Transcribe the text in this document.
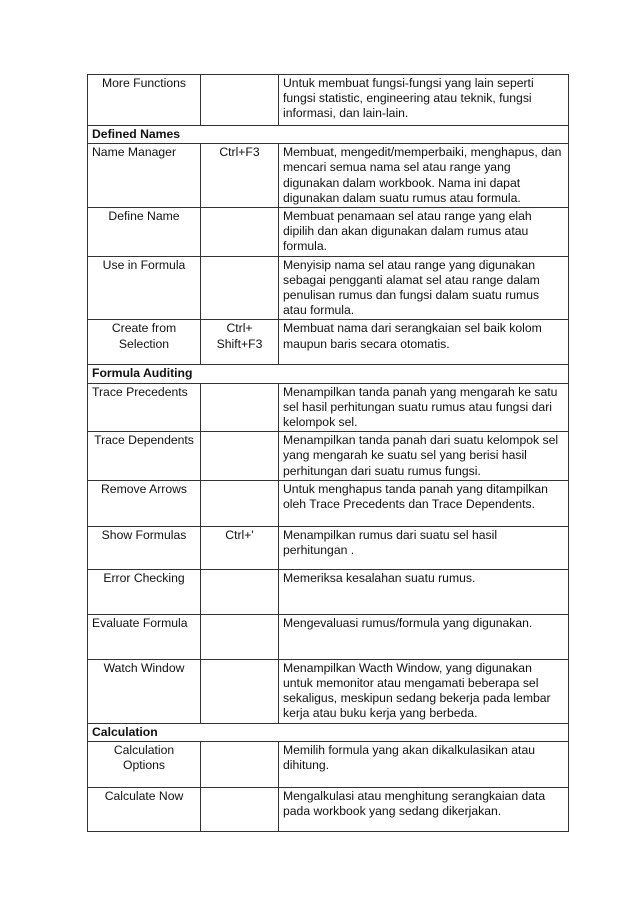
More Functions		Untuk membuat fungsi-fungsi yang lain seperti fungsi statistic, engineering atau teknik, fungsi informasi, dan lain-lain.
Defined Names		
Name Manager	Ctrl+F3	Membuat, mengedit/memperbaiki, menghapus, dan mencari semua nama sel atau range yang digunakan dalam workbook. Nama ini dapat digunakan dalam suatu rumus atau formula.
Define Name		Membuat penamaan sel atau range yang elah dipilih dan akan digunakan dalam rumus atau formula.
Use in Formula		Menyisip nama sel atau range yang digunakan sebagai pengganti alamat sel atau range dalam penulisan rumus dan fungsi dalam suatu rumus atau formula.
Create from Selection	Ctrl+ Shift+F3	Membuat nama dari serangkaian sel baik kolom maupun baris secara otomatis.
Formula Auditing		
Trace Precedents		Menampilkan tanda panah yang mengarah ke satu sel hasil perhitungan suatu rumus atau fungsi dari kelompok sel.
Trace Dependents		Menampilkan tanda panah dari suatu kelompok sel yang mengarah ke suatu sel yang berisi hasil perhitungan dari suatu rumus fungsi.
Remove Arrows		Untuk menghapus tanda panah yang ditampilkan oleh Trace Precedents dan Trace Dependents.
Show Formulas	Ctrl+'	Menampilkan rumus dari suatu sel hasil perhitungan .
Error Checking		Memeriksa kesalahan suatu rumus.
Evaluate Formula		Mengevaluasi rumus/formula yang digunakan.
Watch Window		Menampilkan Wacth Window, yang digunakan untuk memonitor atau mengamati beberapa sel sekaligus, meskipun sedang bekerja pada lembar kerja atau buku kerja yang berbeda.
Calculation		
Calculation Options		Memilih formula yang akan dikalkulasikan atau dihitung.
Calculate Now		Mengalkulasi atau menghitung serangkaian data pada workbook yang sedang dikerjakan.
